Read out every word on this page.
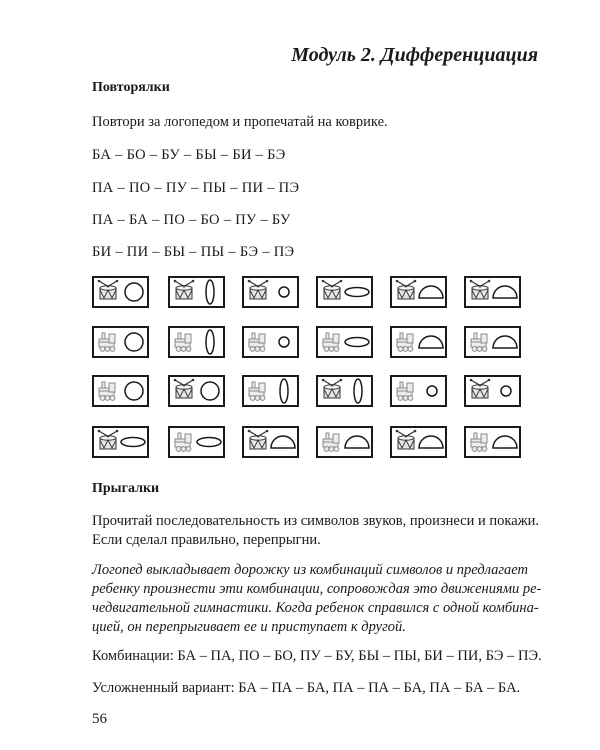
Модуль 2. Дифференциация
Повторялки
Повтори за логопедом и пропечатай на коврике.
БА – БО – БУ – БЫ – БИ – БЭ
ПА – ПО – ПУ – ПЫ – ПИ – ПЭ
ПА – БА – ПО – БО – ПУ – БУ
БИ – ПИ – БЫ – ПЫ – БЭ – ПЭ
Прыгалки
Прочитай последовательность из символов звуков, произнеси и покажи.
Если сделал правильно, перепрыгни.
Логопед выкладывает дорожку из комбинаций символов и предлагает
ребенку произнести эти комбинации, сопровождая это движениями ре-
чедвигательной гимнастики. Когда ребенок справился с одной комбина-
цией, он перепрыгивает ее и приступает к другой.
Комбинации: БА – ПА, ПО – БО, ПУ – БУ, БЫ – ПЫ, БИ – ПИ, БЭ – ПЭ.
Усложненный вариант: БА – ПА – БА, ПА – ПА – БА, ПА – БА – БА.
56
